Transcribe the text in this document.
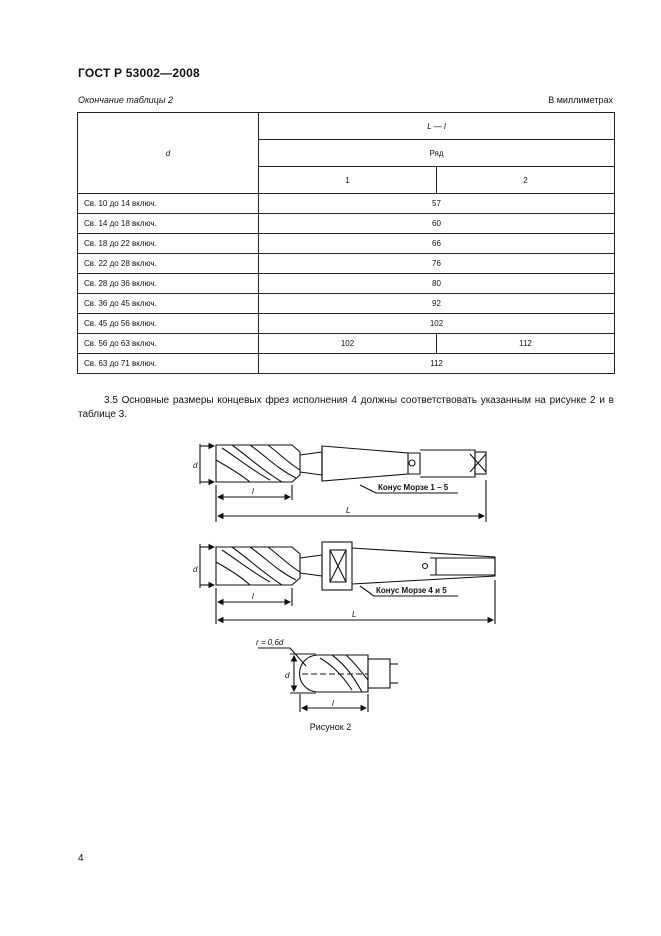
ГОСТ Р 53002—2008
Окончание таблицы 2	В миллиметрах
d	L — l	
	Ряд	
	1	2
Св. 10 до 14 включ.	57	
Св. 14 до 18 включ.	60	
Св. 18 до 22 включ.	66	
Св. 22 до 28 включ.	76	
Св. 28 до 36 включ.	80	
Св. 36 до 45 включ.	92	
Св. 45 до 56 включ.	102	
Св. 56 до 63 включ.	102	112
Св. 63 до 71 включ.	112	
3.5 Основные размеры концевых фрез исполнения 4 должны соответствовать указанным на рисунке 2 и в таблице 3.
d
l
L
d
l
L
d
l
r = 0,6d
Конус Морзе 1 – 5
Конус Морзе 4 и 5
Рисунок 2
4
